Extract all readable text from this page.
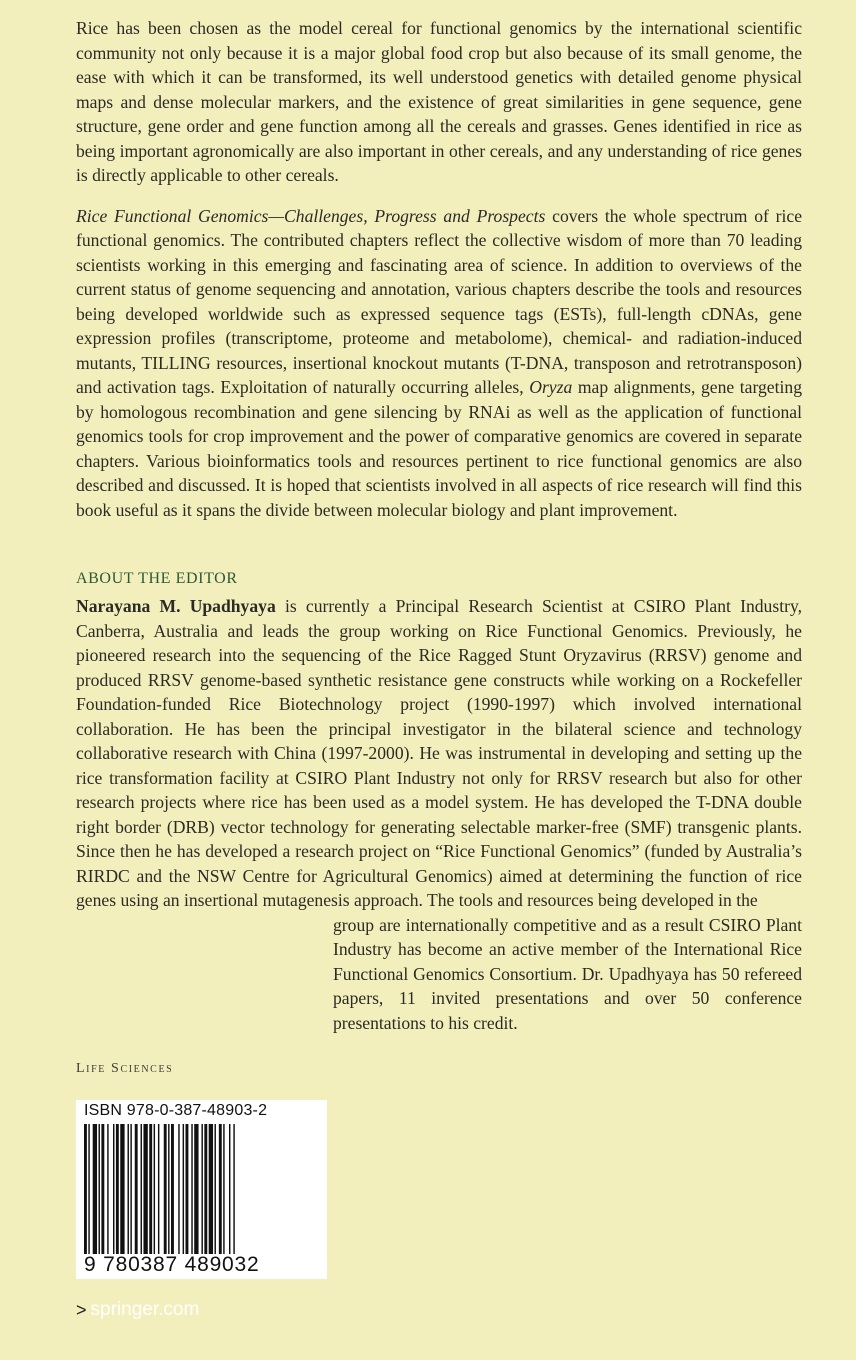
Rice has been chosen as the model cereal for functional genomics by the international scientific community not only because it is a major global food crop but also because of its small genome, the ease with which it can be transformed, its well understood genetics with detailed genome physical maps and dense molecular markers, and the existence of great similarities in gene sequence, gene structure, gene order and gene function among all the cereals and grasses. Genes identified in rice as being important agronomically are also important in other cereals, and any understanding of rice genes is directly applicable to other cereals.

Rice Functional Genomics—Challenges, Progress and Prospects covers the whole spectrum of rice functional genomics. The contributed chapters reflect the collective wisdom of more than 70 leading scientists working in this emerging and fascinating area of science. In addition to overviews of the current status of genome sequencing and annotation, various chapters describe the tools and resources being developed worldwide such as expressed sequence tags (ESTs), full-length cDNAs, gene expression profiles (transcriptome, proteome and metabolome), chemical- and radiation-induced mutants, TILLING resources, insertional knockout mutants (T-DNA, transposon and retrotransposon) and activation tags. Exploitation of naturally occurring alleles, Oryza map alignments, gene targeting by homologous recombination and gene silencing by RNAi as well as the application of functional genomics tools for crop improvement and the power of comparative genomics are covered in separate chapters. Various bioinformatics tools and resources pertinent to rice functional genomics are also described and discussed. It is hoped that scientists involved in all aspects of rice research will find this book useful as it spans the divide between molecular biology and plant improvement.

ABOUT THE EDITOR

Narayana M. Upadhyaya is currently a Principal Research Scientist at CSIRO Plant Industry, Canberra, Australia and leads the group working on Rice Functional Genomics. Previously, he pioneered research into the sequencing of the Rice Ragged Stunt Oryzavirus (RRSV) genome and produced RRSV genome-based synthetic resistance gene constructs while working on a Rockefeller Foundation-funded Rice Biotechnology project (1990-1997) which involved international collaboration. He has been the principal investigator in the bilateral science and technology collaborative research with China (1997-2000). He was instrumental in developing and setting up the rice transformation facility at CSIRO Plant Industry not only for RRSV research but also for other research projects where rice has been used as a model system. He has developed the T-DNA double right border (DRB) vector technology for generating selectable marker-free (SMF) transgenic plants. Since then he has developed a research project on “Rice Functional Genomics” (funded by Australia’s RIRDC and the NSW Centre for Agricultural Genomics) aimed at determining the function of rice genes using an insertional mutagenesis approach. The tools and resources being developed in the

group are internationally competitive and as a result CSIRO Plant Industry has become an active member of the International Rice Functional Genomics Consortium. Dr. Upadhyaya has 50 refereed papers, 11 invited presentations and over 50 conference presentations to his credit.

Life Sciences
ISBN 978-0-387-48903-2
9 780387 489032
> springer.com
